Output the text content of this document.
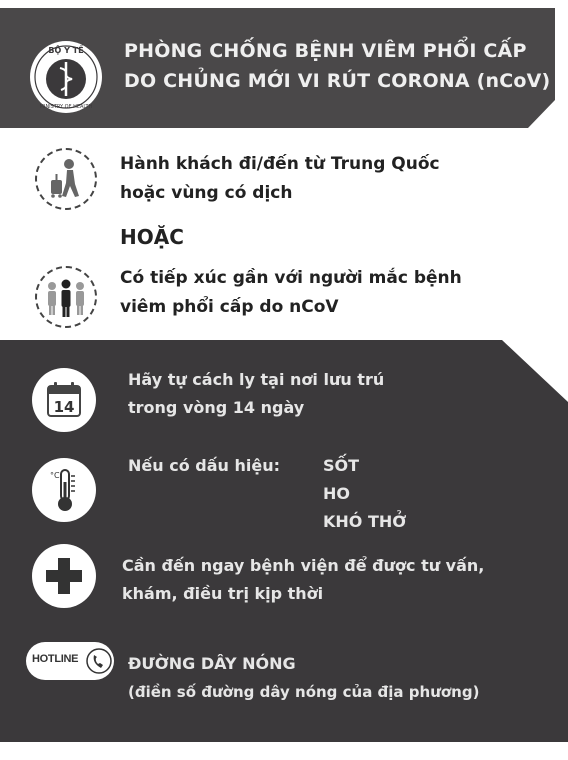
BỘ Y TẾ
MINISTRY OF HEALTH
PHÒNG CHỐNG BỆNH VIÊM PHỔI CẤP
DO CHỦNG MỚI VI RÚT CORONA (nCoV)
Hành khách đi/đến từ Trung Quốc
hoặc vùng có dịch
HOẶC
Có tiếp xúc gần với người mắc bệnh
viêm phổi cấp do nCoV
14
Hãy tự cách ly tại nơi lưu trú
trong vòng 14 ngày
°C
Nếu có dấu hiệu:	SỐT
HO
KHÓ THỞ
Cần đến ngay bệnh viện để được tư vấn,
khám, điều trị kịp thời
HOTLINE	ĐƯỜNG DÂY NÓNG
(điền số đường dây nóng của địa phương)
